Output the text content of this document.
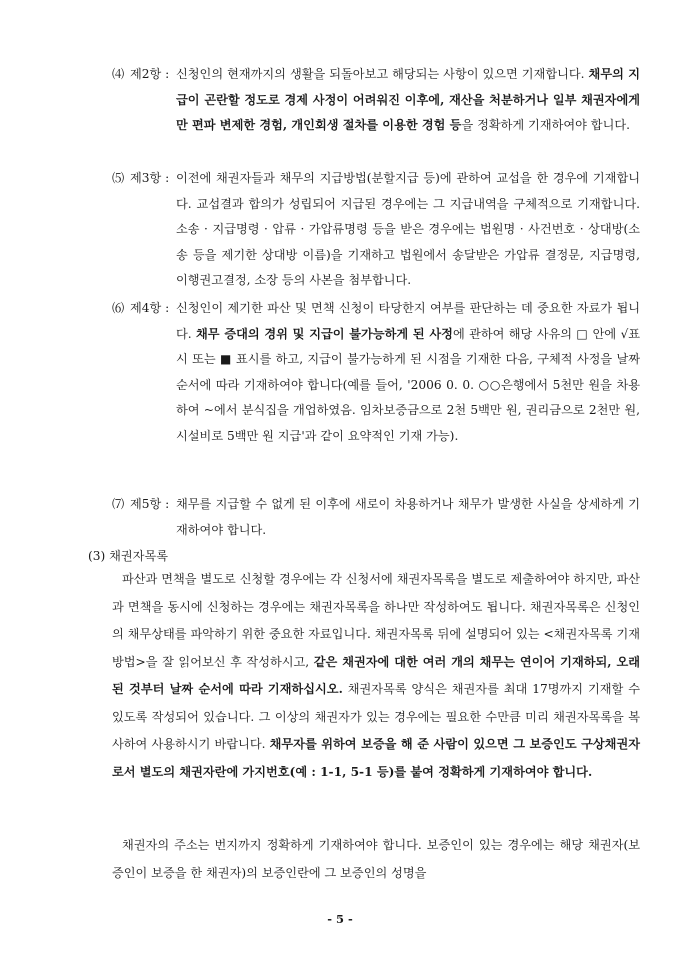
⑷ 제2항 : 신청인의 현재까지의 생활을 되돌아보고 해당되는 사항이 있으면 기재합니다. 채무의 지급이 곤란할 정도로 경제 사정이 어려워진 이후에, 재산을 처분하거나 일부 채권자에게만 편파 변제한 경험, 개인회생 절차를 이용한 경험 등을 정확하게 기재하여야 합니다.
⑸ 제3항 : 이전에 채권자들과 채무의 지급방법(분할지급 등)에 관하여 교섭을 한 경우에 기재합니다. 교섭결과 합의가 성립되어 지급된 경우에는 그 지급내역을 구체적으로 기재합니다. 소송 · 지급명령 · 압류 · 가압류명령 등을 받은 경우에는 법원명 · 사건번호 · 상대방(소송 등을 제기한 상대방 이름)을 기재하고 법원에서 송달받은 가압류 결정문, 지급명령, 이행권고결정, 소장 등의 사본을 첨부합니다.
⑹ 제4항 : 신청인이 제기한 파산 및 면책 신청이 타당한지 여부를 판단하는 데 중요한 자료가 됩니다. 채무 증대의 경위 및 지급이 불가능하게 된 사정에 관하여 해당 사유의 □ 안에 √표시 또는 ■ 표시를 하고, 지급이 불가능하게 된 시점을 기재한 다음, 구체적 사정을 날짜 순서에 따라 기재하여야 합니다(예를 들어, '2006 0. 0. ○○은행에서 5천만 원을 차용하여 ~에서 분식집을 개업하였음. 임차보증금으로 2천 5백만 원, 권리금으로 2천만 원, 시설비로 5백만 원 지급'과 같이 요약적인 기재 가능).
⑺ 제5항 : 채무를 지급할 수 없게 된 이후에 새로이 차용하거나 채무가 발생한 사실을 상세하게 기재하여야 합니다.
(3) 채권자목록
파산과 면책을 별도로 신청할 경우에는 각 신청서에 채권자목록을 별도로 제출하여야 하지만, 파산과 면책을 동시에 신청하는 경우에는 채권자목록을 하나만 작성하여도 됩니다. 채권자목록은 신청인의 채무상태를 파악하기 위한 중요한 자료입니다. 채권자목록 뒤에 설명되어 있는 <채권자목록 기재방법>을 잘 읽어보신 후 작성하시고, 같은 채권자에 대한 여러 개의 채무는 연이어 기재하되, 오래된 것부터 날짜 순서에 따라 기재하십시오. 채권자목록 양식은 채권자를 최대 17명까지 기재할 수 있도록 작성되어 있습니다. 그 이상의 채권자가 있는 경우에는 필요한 수만큼 미리 채권자목록을 복사하여 사용하시기 바랍니다. 채무자를 위하여 보증을 해 준 사람이 있으면 그 보증인도 구상채권자로서 별도의 채권자란에 가지번호(예 : 1-1, 5-1 등)를 붙여 정확하게 기재하여야 합니다.
채권자의 주소는 번지까지 정확하게 기재하여야 합니다. 보증인이 있는 경우에는 해당 채권자(보증인이 보증을 한 채권자)의 보증인란에 그 보증인의 성명을
- 5 -
